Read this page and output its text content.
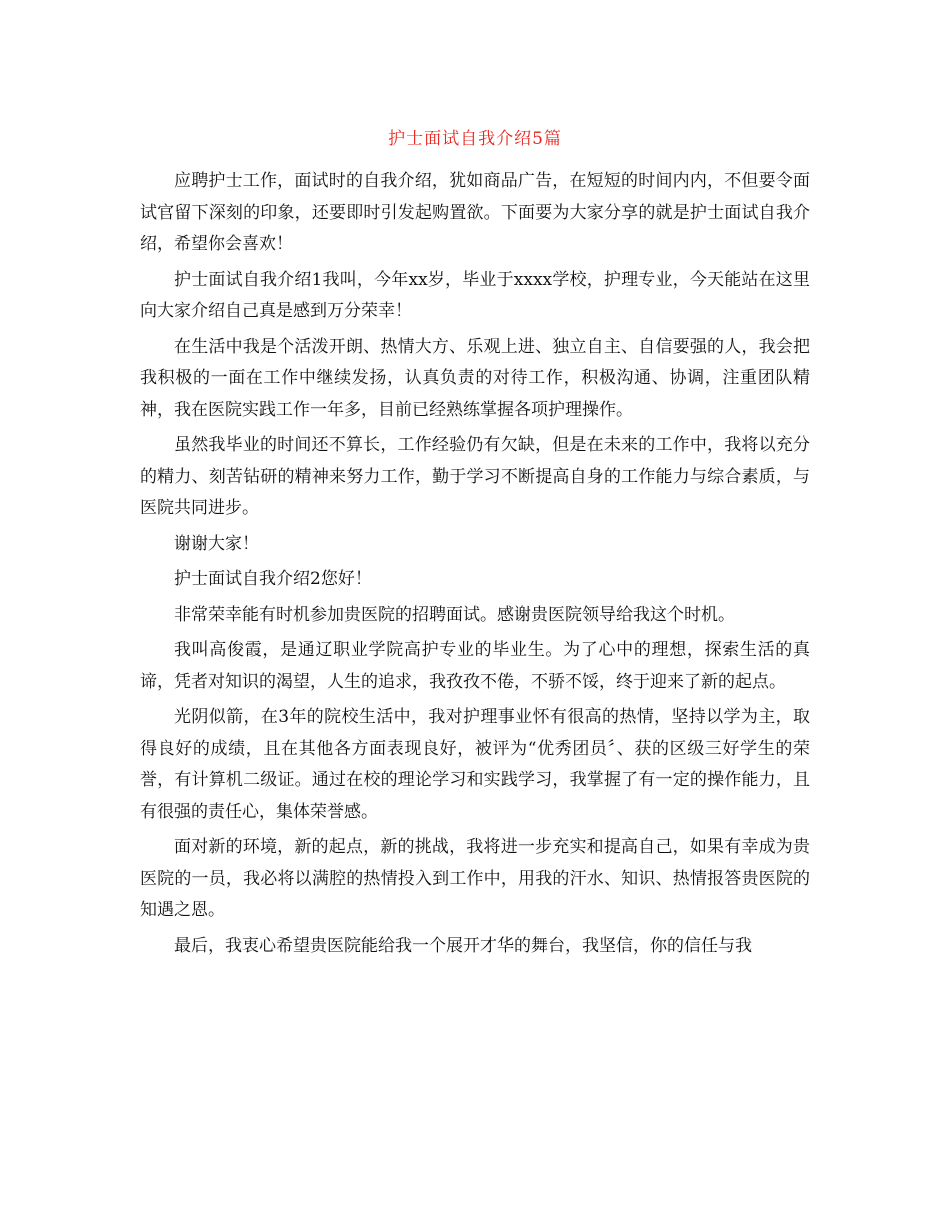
护士面试自我介绍5篇

应聘护士工作，面试时的自我介绍，犹如商品广告，在短短的时间内内，不但要令面试官留下深刻的印象，还要即时引发起购置欲。下面要为大家分享的就是护士面试自我介绍，希望你会喜欢！

护士面试自我介绍1我叫，今年xx岁，毕业于xxxx学校，护理专业，今天能站在这里向大家介绍自己真是感到万分荣幸！

在生活中我是个活泼开朗、热情大方、乐观上进、独立自主、自信要强的人，我会把我积极的一面在工作中继续发扬，认真负责的对待工作，积极沟通、协调，注重团队精神，我在医院实践工作一年多，目前已经熟练掌握各项护理操作。

虽然我毕业的时间还不算长，工作经验仍有欠缺，但是在未来的工作中，我将以充分的精力、刻苦钻研的精神来努力工作，勤于学习不断提高自身的工作能力与综合素质，与医院共同进步。

谢谢大家！

护士面试自我介绍2您好！

非常荣幸能有时机参加贵医院的招聘面试。感谢贵医院领导给我这个时机。

我叫高俊霞，是通辽职业学院高护专业的毕业生。为了心中的理想，探索生活的真谛，凭者对知识的渴望，人生的追求，我孜孜不倦，不骄不馁，终于迎来了新的起点。

光阴似箭，在3年的院校生活中，我对护理事业怀有很高的热情，坚持以学为主，取得良好的成绩，且在其他各方面表现良好，被评为“优秀团员〞、获的区级三好学生的荣誉，有计算机二级证。通过在校的理论学习和实践学习，我掌握了有一定的操作能力，且有很强的责任心，集体荣誉感。

面对新的环境，新的起点，新的挑战，我将进一步充实和提高自己，如果有幸成为贵医院的一员，我必将以满腔的热情投入到工作中，用我的汗水、知识、热情报答贵医院的知遇之恩。

最后，我衷心希望贵医院能给我一个展开才华的舞台，我坚信，你的信任与我
